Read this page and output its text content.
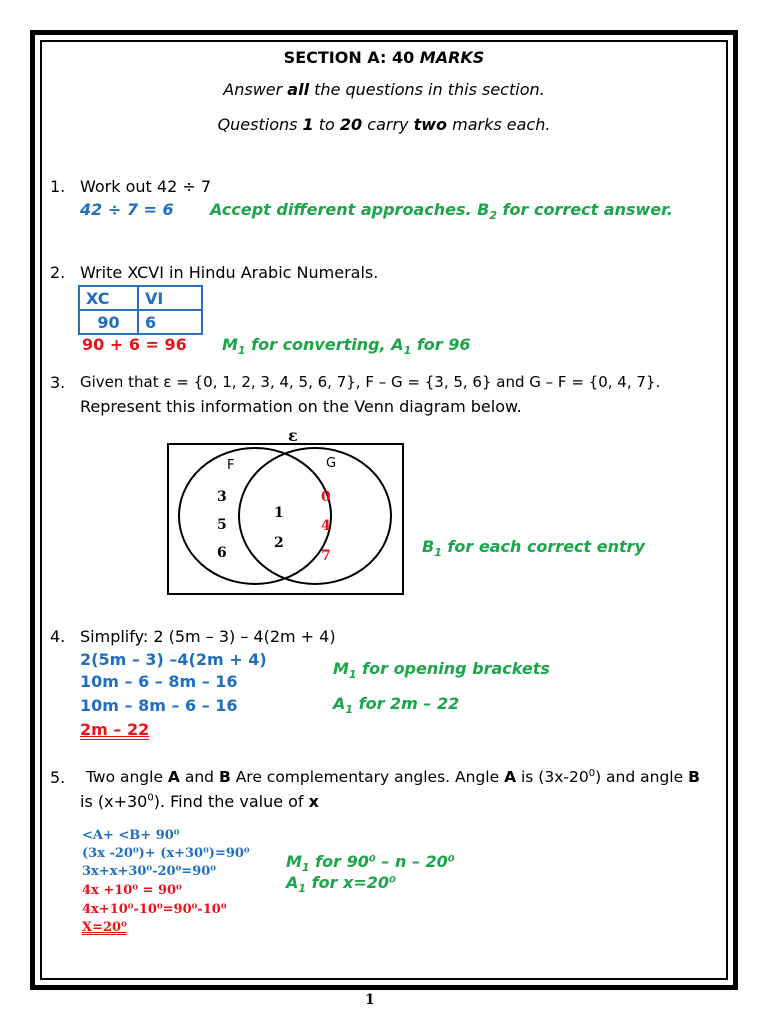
SECTION A: 40 MARKS
Answer all the questions in this section.
Questions 1 to 20 carry two marks each.
1. Work out 42 ÷ 7
42 ÷ 7 = 6 Accept different approaches. $B_2$ for correct answer.
2. Write XCVI in Hindu Arabic Numerals.
XC	VI
90	6
90 + 6 = 96 $M_1$ for converting, $A_1$ for 96
3. Given that ε = {0, 1, 2, 3, 4, 5, 6, 7}, F – G = {3, 5, 6} and G – F = {0, 4, 7}.
Represent this information on the Venn diagram below.
ε
F	G
3
5
6
1
2
0
4
7	$B_1$ for each correct entry
4. Simplify: 2 (5m – 3) – 4(2m + 4)
2(5m – 3) –4(2m + 4)
10m – 6 – 8m – 16
10m – 8m – 6 – 16
2m – 22
$M_1$ for opening brackets
$A_1$ for 2m – 22
5. Two angle A and B Are complementary angles. Angle A is $(3x-20^0)$ and angle B
is $(x+30^0)$. Find the value of x
<A+ <B+ 90⁰
(3x -20⁰)+ (x+30⁰)=90⁰
3x+x+30⁰-20⁰=90⁰
4x +10⁰ = 90⁰
4x+10⁰-10⁰=90⁰-10⁰
X=20⁰
$M_1$ for 90⁰ – n – 20⁰
$A_1$ for x=20⁰
1
